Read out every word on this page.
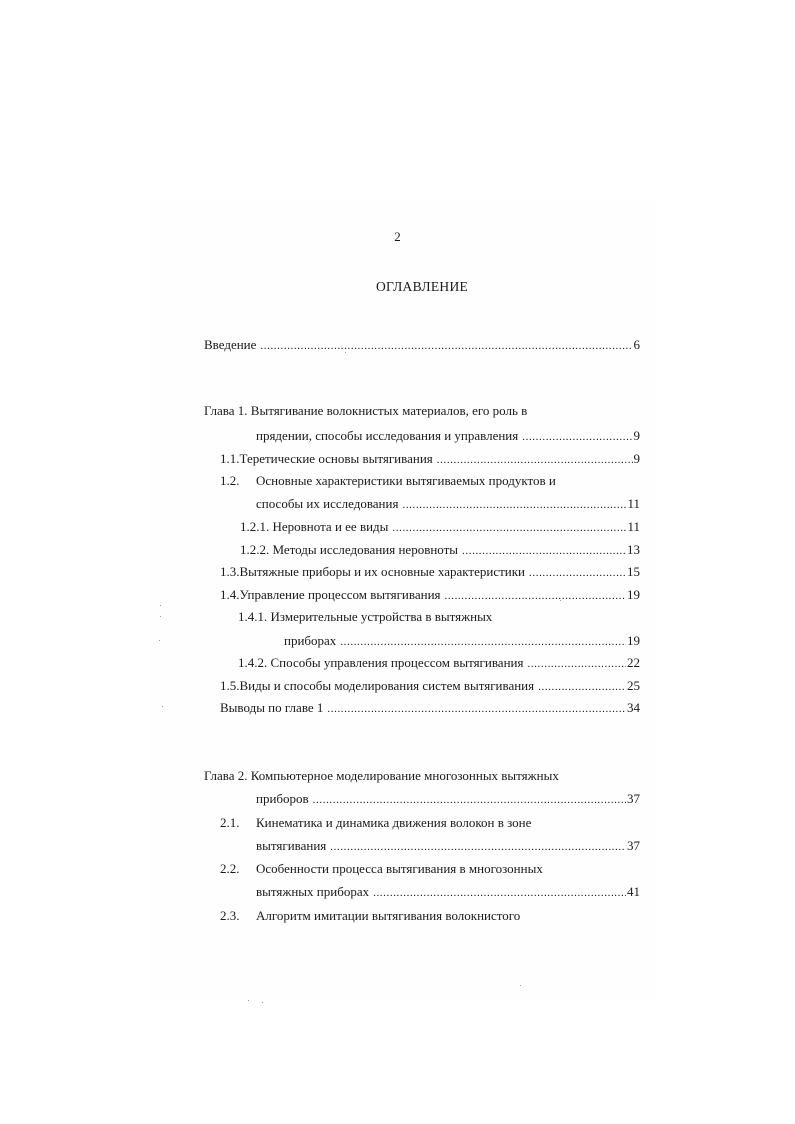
2
ОГЛАВЛЕНИЕ
Введение .....	6
Глава 1. Вытягивание волокнистых материалов, его роль в
прядении, способы исследования и управления .....	9
1.1. Теретические основы вытягивания .....	9
1.2.	Основные характеристики вытягиваемых продуктов и
способы их исследования .....	11
1.2.1. Неровнота и ее виды .....	11
1.2.2. Методы исследования неровноты .....	13
1.3. Вытяжные приборы и их основные характеристики .....	15
1.4. Управление процессом вытягивания .....	19
1.4.1. Измерительные устройства в вытяжных
приборах .....	19
1.4.2. Способы управления процессом вытягивания .....	22
1.5. Виды и способы моделирования систем вытягивания .....	25
Выводы по главе 1 .....	34
Глава 2. Компьютерное моделирование многозонных вытяжных
приборов .....	37
2.1.	Кинематика и динамика движения волокон в зоне
вытягивания .....	37
2.2.	Особенности процесса вытягивания в многозонных
вытяжных приборах .....	41
2.3.	Алгоритм имитации вытягивания волокнистого
